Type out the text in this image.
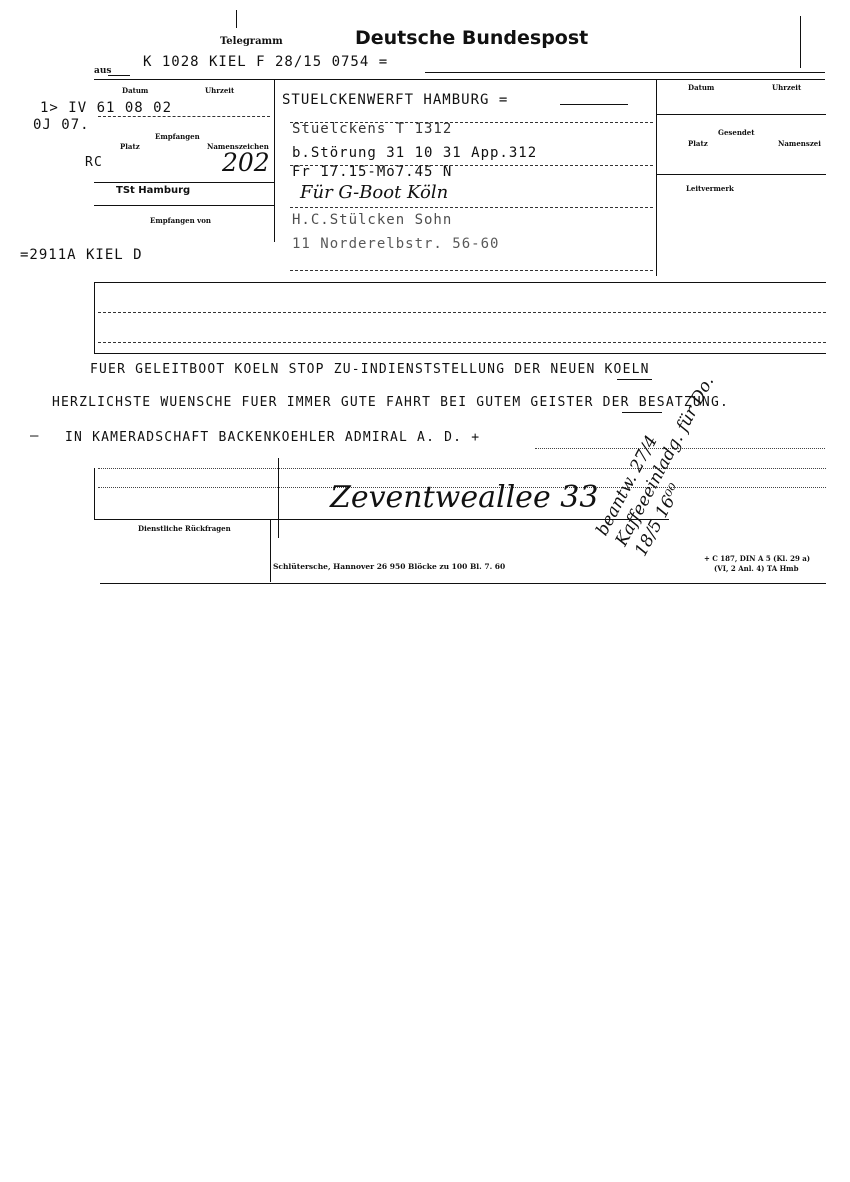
Telegramm	Deutsche Bundespost
aus
K 1028 KIEL F 28/15 0754 =
Datum	Uhrzeit
1> IV 61 08 02
0J 07.
Empfangen
Platz	Namenszeichen
RC	202
TSt Hamburg
Empfangen von
=2911A KIEL D
STUELCKENWERFT HAMBURG =
Stuelckens T 1312
b.Störung 31 10 31 App.312
Fr 17.15-Mo7.45 N
Für G-Boot Köln
H.C.Stülcken Sohn
11 Norderelbstr. 56-60
Datum	Uhrzeit
Gesendet
Platz	Namenszei
Leitvermerk
FUER GELEITBOOT KOELN STOP ZU-INDIENSTSTELLUNG DER NEUEN KOELN
HERZLICHSTE WUENSCHE FUER IMMER GUTE FAHRT BEI GUTEM GEISTER DER BESATZUNG.
— IN KAMERADSCHAFT BACKENKOEHLER ADMIRAL A. D. +
Zeventweallee 33
beantw. 27/4 Kaffeeeinladg. für Do. 18/5 16⁰⁰
Dienstliche Rückfragen
Schlütersche, Hannover 26 950 Blöcke zu 100 Bl. 7. 60
+ C 187, DIN A 5 (Kl. 29 a)
(VI, 2 Anl. 4) TA Hmb
